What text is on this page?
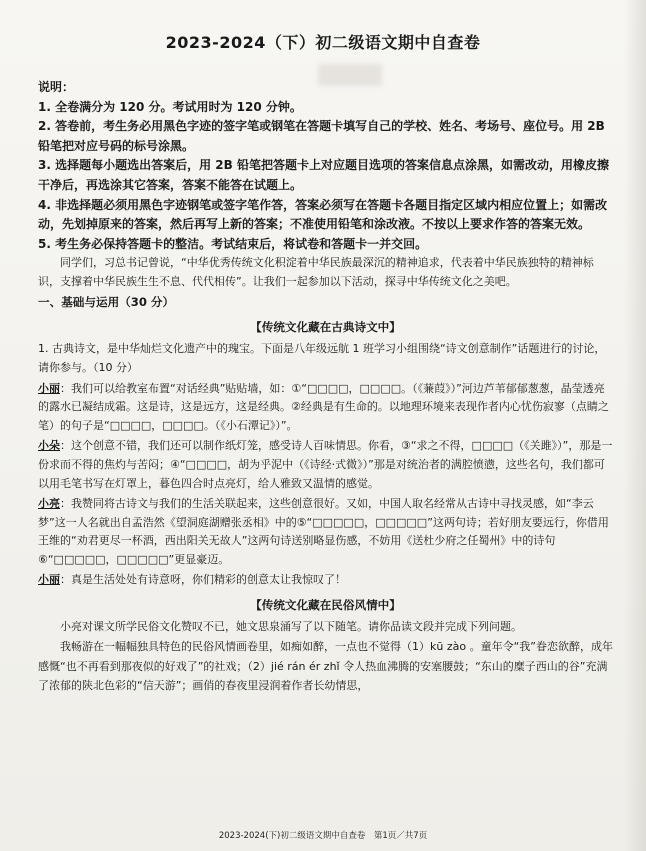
2023-2024（下）初二级语文期中自查卷

说明：

1. 全卷满分为 120 分。考试用时为 120 分钟。

2. 答卷前，考生务必用黑色字迹的签字笔或钢笔在答题卡填写自己的学校、姓名、考场号、座位号。用 2B 铅笔把对应号码的标号涂黑。

3. 选择题每小题选出答案后，用 2B 铅笔把答题卡上对应题目选项的答案信息点涂黑，如需改动，用橡皮擦干净后，再选涂其它答案，答案不能答在试题上。

4. 非选择题必须用黑色字迹钢笔或签字笔作答，答案必须写在答题卡各题目指定区域内相应位置上；如需改动，先划掉原来的答案，然后再写上新的答案；不准使用铅笔和涂改液。不按以上要求作答的答案无效。

5. 考生务必保持答题卡的整洁。考试结束后，将试卷和答题卡一并交回。

同学们，习总书记曾说，“中华优秀传统文化积淀着中华民族最深沉的精神追求，代表着中华民族独特的精神标识，支撑着中华民族生生不息、代代相传”。让我们一起参加以下活动，探寻中华传统文化之美吧。

一、基础与运用（30 分）

【传统文化藏在古典诗文中】

1. 古典诗文，是中华灿烂文化遗产中的瑰宝。下面是八年级远航 1 班学习小组围绕“诗文创意制作”话题进行的讨论，请你参与。（10 分）

小丽：我们可以给教室布置“对话经典”贴贴墙，如：①“□□□□，□□□□。（《蒹葭》）”河边芦苇郁郁葱葱，晶莹透亮的露水已凝结成霜。这是诗，这是远方，这是经典。②经典是有生命的。以地理环境来表现作者内心忧伤寂寥（点睛之笔）的句子是“□□□□，□□□□。（《小石潭记》）”。

小朵：这个创意不错，我们还可以制作纸灯笼，感受诗人百味情思。你看，③“求之不得，□□□□（《关雎》）”，那是一份求而不得的焦灼与苦闷；④“□□□□，胡为乎泥中（《诗经·式微》）”那是对统治者的满腔愤懑，这些名句，我们都可以用毛笔书写在灯罩上，暮色四合时点亮灯，给人雅致又温情的感觉。

小亮：我赞同将古诗文与我们的生活关联起来，这些创意很好。又如，中国人取名经常从古诗中寻找灵感，如“李云梦”这一人名就出自孟浩然《望洞庭湖赠张丞相》中的⑤“□□□□□，□□□□□”这两句诗；若好朋友要远行，你借用王维的“劝君更尽一杯酒，西出阳关无故人”这两句诗送别略显伤感，不妨用《送杜少府之任蜀州》中的诗句⑥“□□□□□，□□□□□”更显豪迈。

小丽：真是生活处处有诗意呀，你们精彩的创意太让我惊叹了！

【传统文化藏在民俗风情中】

小亮对课文所学民俗文化赞叹不已，她文思泉涌写了以下随笔。请你品读文段并完成下列问题。

我畅游在一幅幅独具特色的民俗风情画卷里，如痴如醉，一点也不觉得（1）kū zào 。童年令“我”眷恋欲醉，成年感慨“也不再看到那夜似的好戏了”的社戏；（2）jié rán ér zhǐ 令人热血沸腾的安塞腰鼓；“东山的糜子西山的谷”充满了浓郁的陕北色彩的“信天游”；画俏的春夜里浸润着作者长幼情思，

2023-2024(下)初二级语文期中自查卷　第1页／共7页
